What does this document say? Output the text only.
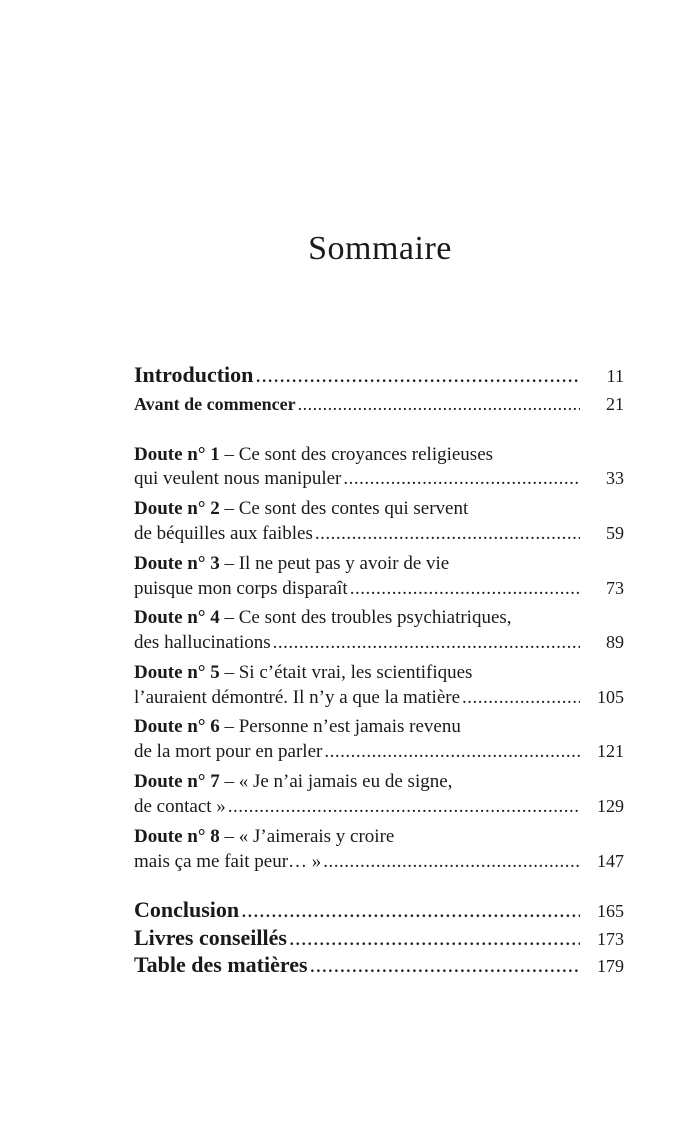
Sommaire
Introduction .....	11
Avant de commencer .....	21
Doute n° 1 – Ce sont des croyances religieuses
qui veulent nous manipuler .....	33
Doute n° 2 – Ce sont des contes qui servent
de béquilles aux faibles .....	59
Doute n° 3 – Il ne peut pas y avoir de vie
puisque mon corps disparaît .....	73
Doute n° 4 – Ce sont des troubles psychiatriques,
des hallucinations .....	89
Doute n° 5 – Si c’était vrai, les scientifiques
l’auraient démontré. Il n’y a que la matière .....	105
Doute n° 6 – Personne n’est jamais revenu
de la mort pour en parler .....	121
Doute n° 7 – « Je n’ai jamais eu de signe,
de contact » .....	129
Doute n° 8 – « J’aimerais y croire
mais ça me fait peur… » .....	147
Conclusion .....	165
Livres conseillés .....	173
Table des matières .....	179
